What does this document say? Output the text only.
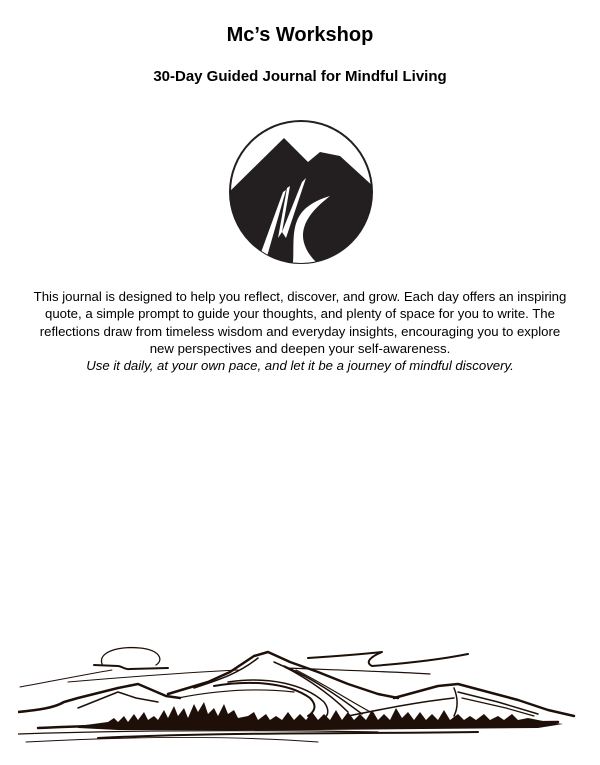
Mc’s Workshop
30-Day Guided Journal for Mindful Living

This journal is designed to help you reflect, discover, and grow. Each day offers an inspiring quote, a simple prompt to guide your thoughts, and plenty of space for you to write. The reflections draw from timeless wisdom and everyday insights, encouraging you to explore new perspectives and deepen your self-awareness.

Use it daily, at your own pace, and let it be a journey of mindful discovery.
